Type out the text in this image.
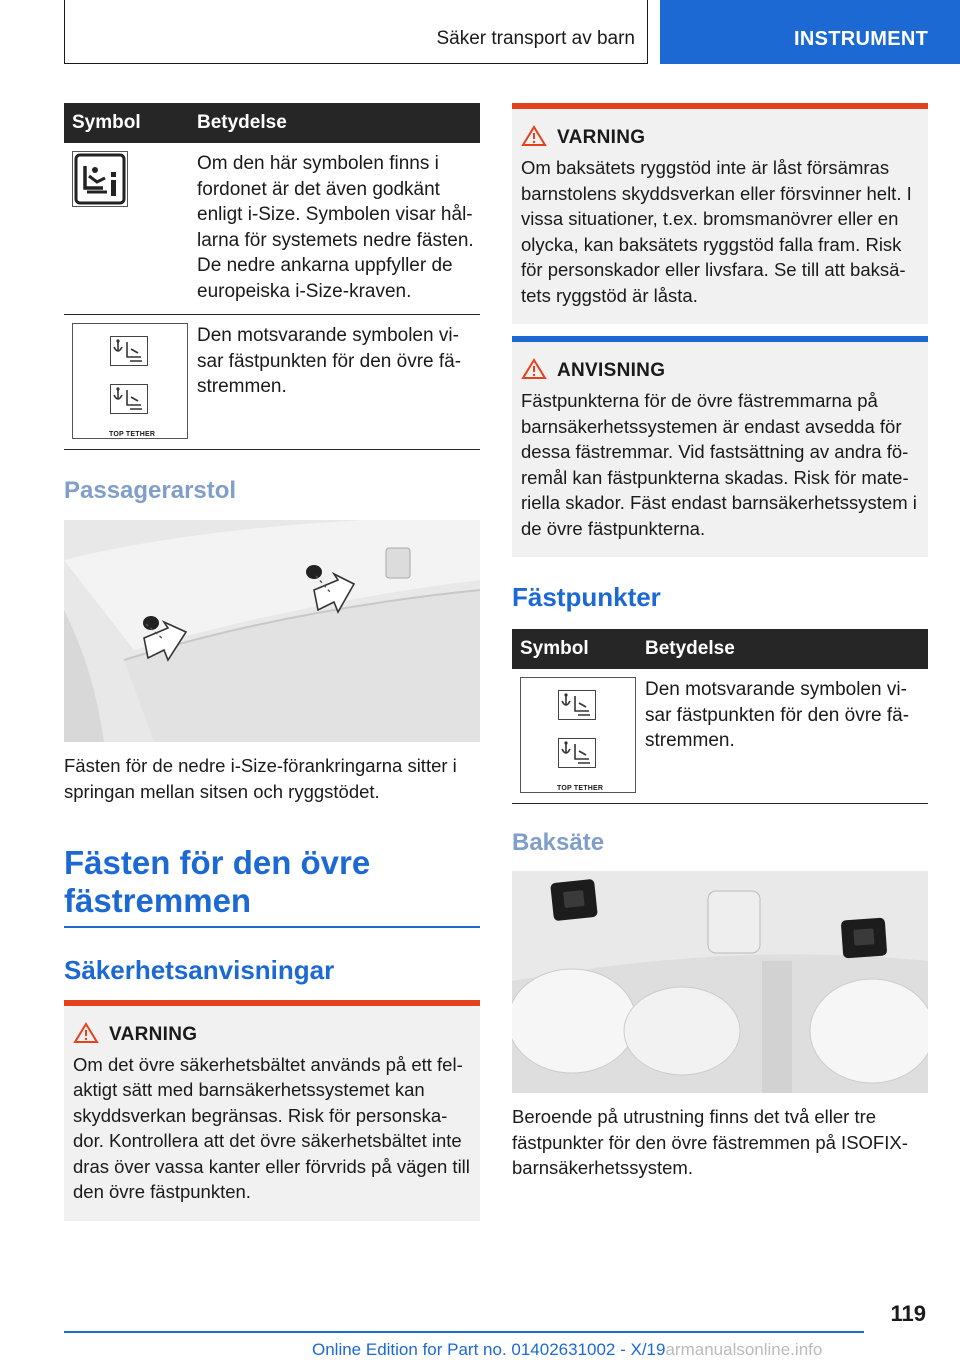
Säker transport av barn	INSTRUMENT
Symbol	Betydelse

	Om den här symbolen finns i fordonet är det även godkänt enligt i-Size. Symbolen visar hål-larna för systemets nedre fästen. De nedre ankarna uppfyller de europeiska i-Size-kraven.

TOP TETHER	Den motsvarande symbolen vi-sar fästpunkten för den övre fä-stremmen.
Passagerarstol

Fästen för de nedre i-Size-förankringarna sitter i springan mellan sitsen och ryggstödet.

Fästen för den övre fästremmen
Säkerhetsanvisningar
VARNING

Om det övre säkerhetsbältet används på ett fel-aktigt sätt med barnsäkerhetssystemet kan skyddsverkan begränsas. Risk för personska-dor. Kontrollera att det övre säkerhetsbältet inte dras över vassa kanter eller förvrids på vägen till den övre fästpunkten.

VARNING

Om baksätets ryggstöd inte är låst försämras barnstolens skyddsverkan eller försvinner helt. I vissa situationer, t.ex. bromsmanövrer eller en olycka, kan baksätets ryggstöd falla fram. Risk för personskador eller livsfara. Se till att baksä-tets ryggstöd är låsta.

ANVISNING

Fästpunkterna för de övre fästremmarna på barnsäkerhetssystemen är endast avsedda för dessa fästremmar. Vid fastsättning av andra fö-remål kan fästpunkterna skadas. Risk för mate-riella skador. Fäst endast barnsäkerhetssystem i de övre fästpunkterna.

Fästpunkter
Symbol	Betydelse

TOP TETHER	Den motsvarande symbolen vi-sar fästpunkten för den övre fä-stremmen.
Baksäte

Beroende på utrustning finns det två eller tre fästpunkter för den övre fästremmen på ISOFIX-barnsäkerhetssystem.

119
Online Edition for Part no. 01402631002 - X/19armanualsonline.info
